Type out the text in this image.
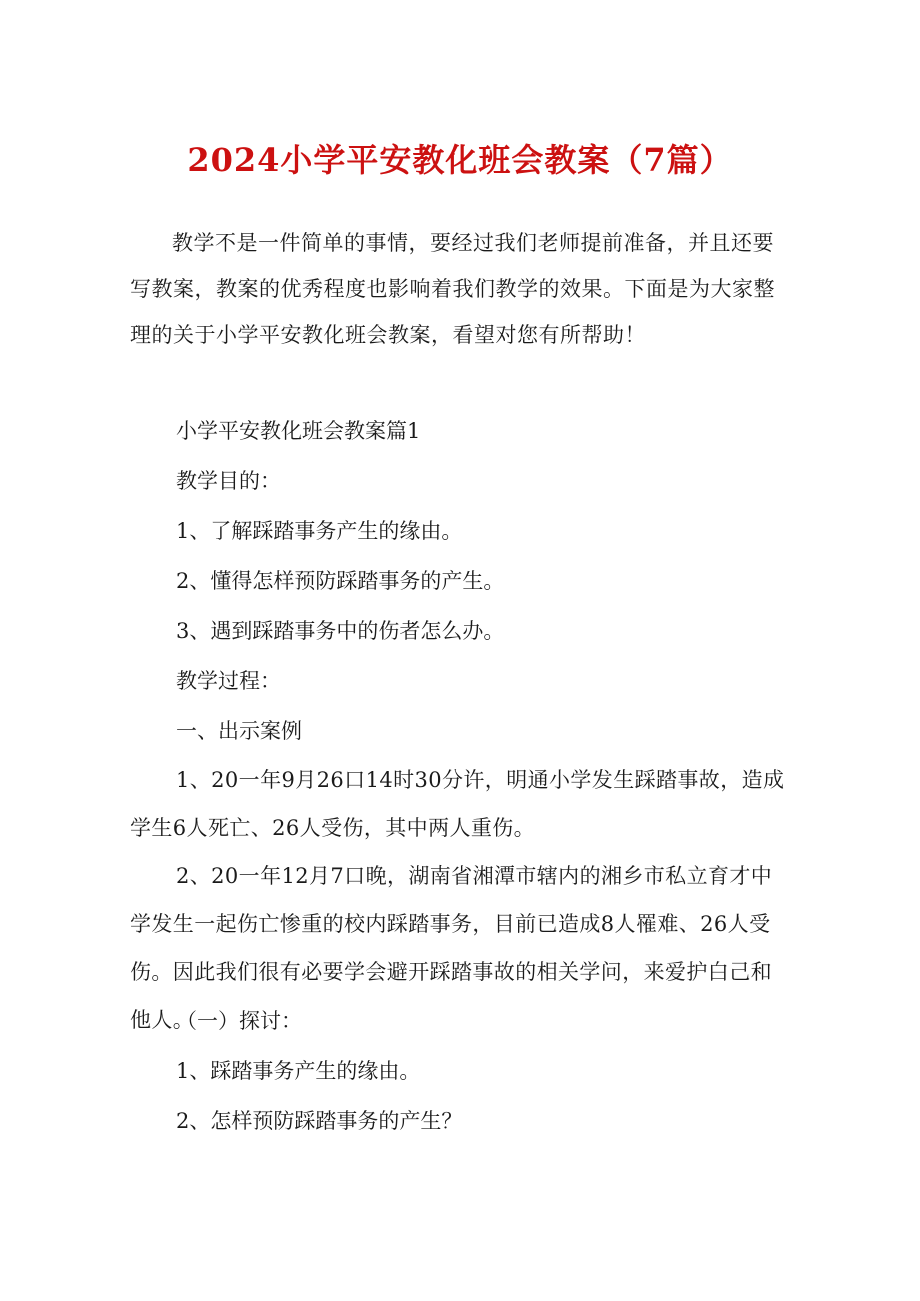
2024小学平安教化班会教案（7篇）

教学不是一件简单的事情，要经过我们老师提前准备，并且还要写教案，教案的优秀程度也影响着我们教学的效果。下面是为大家整理的关于小学平安教化班会教案，看望对您有所帮助！

小学平安教化班会教案篇1

教学目的：

1、了解踩踏事务产生的缘由。

2、懂得怎样预防踩踏事务的产生。

3、遇到踩踏事务中的伤者怎么办。

教学过程：

一、出示案例

1、20一年9月26口14时30分许，明通小学发生踩踏事故，造成学生6人死亡、26人受伤，其中两人重伤。

2、20一年12月7口晚，湖南省湘潭市辖内的湘乡市私立育才中学发生一起伤亡惨重的校内踩踏事务，目前已造成8人罹难、26人受伤。因此我们很有必要学会避开踩踏事故的相关学问，来爱护白己和他人。

（一）探讨：

1、踩踏事务产生的缘由。

2、怎样预防踩踏事务的产生？
